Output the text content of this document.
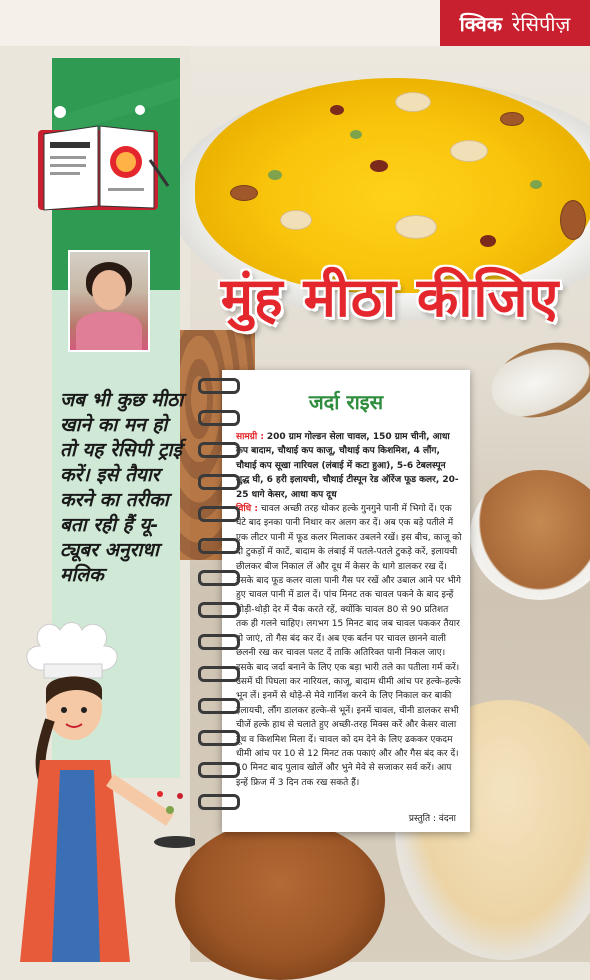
क्विक रेसिपीज़
जब भी कुछ मीठा खाने का मन हो तो यह रेसिपी ट्राई करें। इसे तैयार करने का तरीका बता रही हैं यू-ट्यूबर अनुराधा मलिक
मुंह मीठा कीजिए
जर्दा राइस
सामग्री : 200 ग्राम गोल्डन सेला चावल, 150 ग्राम चीनी, आधा कप बादाम, चौथाई कप काजू, चौथाई कप किशमिश, 4 लौंग, चौथाई कप सूखा नारियल (लंबाई में कटा हुआ), 5-6 टेबलस्पून शुद्ध घी, 6 हरी इलायची, चौथाई टीस्पून रेड ऑरेंज फूड कलर, 20-25 धागे केसर, आधा कप दूध
विधि : चावल अच्छी तरह धोकर हल्के गुनगुने पानी में भिगो दें। एक घंटे बाद इनका पानी निथार कर अलग कर दें। अब एक बड़े पतीले में एक लीटर पानी में फूड कलर मिलाकर उबलने रखें। इस बीच, काजू को दो टुकड़ों में काटें, बादाम के लंबाई में पतले-पतले टुकड़े करें, इलायची छीलकर बीज निकाल लें और दूध में केसर के धागे डालकर रख दें। इसके बाद फूड कलर वाला पानी गैस पर रखें और उबाल आने पर भीगे हुए चावल पानी में डाल दें। पांच मिनट तक चावल पकने के बाद इन्हें थोड़ी-थोड़ी देर में चैक करते रहें, क्योंकि चावल 80 से 90 प्रतिशत तक ही गलने चाहिए। लगभग 15 मिनट बाद जब चावल पककर तैयार हो जाएं, तो गैस बंद कर दें। अब एक बर्तन पर चावल छानने वाली छलनी रख कर चावल पलट दें ताकि अतिरिक्त पानी निकल जाए। इसके बाद जर्दा बनाने के लिए एक बड़ा भारी तले का पतीला गर्म करें। उसमें घी पिघला कर नारियल, काजू, बादाम धीमी आंच पर हल्के-हल्के भून लें। इनमें से थोड़े-से मेवे गार्निश करने के लिए निकाल कर बाकी इलायची, लौंग डालकर हल्के-से भूनें। इनमें चावल, चीनी डालकर सभी चीजें हल्के हाथ से चलाते हुए अच्छी-तरह मिक्स करें और केसर वाला दूध व किशमिश मिला दें। चावल को दम देने के लिए ढककर एकदम धीमी आंच पर 10 से 12 मिनट तक पकाएं और और गैस बंद कर दें। 10 मिनट बाद पुलाव खोलें और भुने मेवे से सजाकर सर्व करें। आप इन्हें फ्रिज में 3 दिन तक रख सकते हैं।
प्रस्तुति : वंदना
